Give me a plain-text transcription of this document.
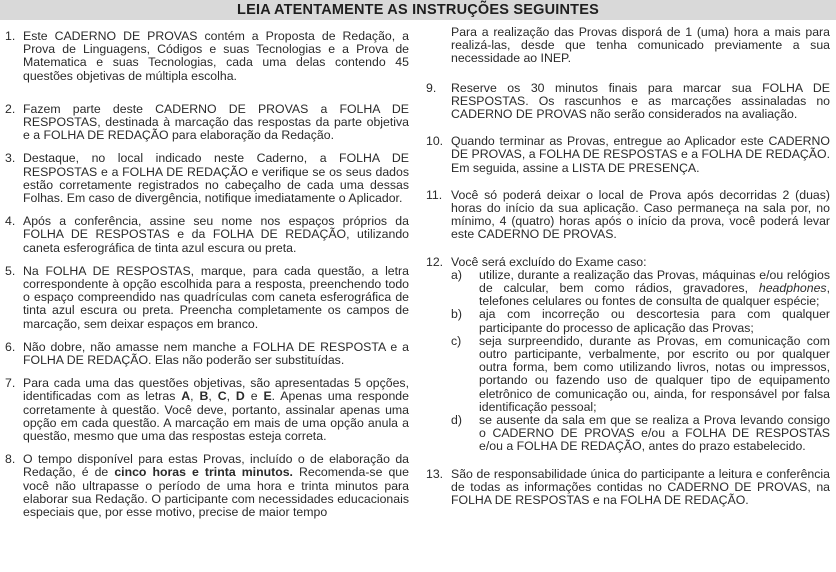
LEIA ATENTAMENTE AS INSTRUÇÕES SEGUINTES
1. Este CADERNO DE PROVAS contém a Proposta de Redação, a Prova de Linguagens, Códigos e suas Tecnologias e a Prova de Matematica e suas Tecnologias, cada uma delas contendo 45 questões objetivas de múltipla escolha.
2. Fazem parte deste CADERNO DE PROVAS a FOLHA DE RESPOSTAS, destinada à marcação das respostas da parte objetiva e a FOLHA DE REDAÇÃO para elaboração da Redação.
3. Destaque, no local indicado neste Caderno, a FOLHA DE RESPOSTAS e a FOLHA DE REDAÇÃO e verifique se os seus dados estão corretamente registrados no cabeçalho de cada uma dessas Folhas. Em caso de divergência, notifique imediatamente o Aplicador.
4. Após a conferência, assine seu nome nos espaços próprios da FOLHA DE RESPOSTAS e da FOLHA DE REDAÇÃO, utilizando caneta esferográfica de tinta azul escura ou preta.
5. Na FOLHA DE RESPOSTAS, marque, para cada questão, a letra correspondente à opção escolhida para a resposta, preenchendo todo o espaço compreendido nas quadrículas com caneta esferográfica de tinta azul escura ou preta. Preencha completamente os campos de marcação, sem deixar espaços em branco.
6. Não dobre, não amasse nem manche a FOLHA DE RESPOSTA e a FOLHA DE REDAÇÃO. Elas não poderão ser substituídas.
7. Para cada uma das questões objetivas, são apresentadas 5 opções, identificadas com as letras A, B, C, D e E. Apenas uma responde corretamente à questão. Você deve, portanto, assinalar apenas uma opção em cada questão. A marcação em mais de uma opção anula a questão, mesmo que uma das respostas esteja correta.
8. O tempo disponível para estas Provas, incluído o de elaboração da Redação, é de cinco horas e trinta minutos. Recomenda-se que você não ultrapasse o período de uma hora e trinta minutos para elaborar sua Redação. O participante com necessidades educacionais especiais que, por esse motivo, precise de maior tempo
Para a realização das Provas disporá de 1 (uma) hora a mais para realizá-las, desde que tenha comunicado previamente a sua necessidade ao INEP.
9. Reserve os 30 minutos finais para marcar sua FOLHA DE RESPOSTAS. Os rascunhos e as marcações assinaladas no CADERNO DE PROVAS não serão considerados na avaliação.
10. Quando terminar as Provas, entregue ao Aplicador este CADERNO DE PROVAS, a FOLHA DE RESPOSTAS e a FOLHA DE REDAÇÃO. Em seguida, assine a LISTA DE PRESENÇA.
11. Você só poderá deixar o local de Prova após decorridas 2 (duas) horas do início da sua aplicação. Caso permaneça na sala por, no mínimo, 4 (quatro) horas após o início da prova, você poderá levar este CADERNO DE PROVAS.
12. Você será excluído do Exame caso:
a) utilize, durante a realização das Provas, máquinas e/ou relógios de calcular, bem como rádios, gravadores, headphones, telefones celulares ou fontes de consulta de qualquer espécie;
b) aja com incorreção ou descortesia para com qualquer participante do processo de aplicação das Provas;
c) seja surpreendido, durante as Provas, em comunicação com outro participante, verbalmente, por escrito ou por qualquer outra forma, bem como utilizando livros, notas ou impressos, portando ou fazendo uso de qualquer tipo de equipamento eletrônico de comunicação ou, ainda, for responsável por falsa identificação pessoal;
d) se ausente da sala em que se realiza a Prova levando consigo o CADERNO DE PROVAS e/ou a FOLHA DE RESPOSTAS e/ou a FOLHA DE REDAÇÃO, antes do prazo estabelecido.
13. São de responsabilidade única do participante a leitura e conferência de todas as informações contidas no CADERNO DE PROVAS, na FOLHA DE RESPOSTAS e na FOLHA DE REDAÇÃO.
